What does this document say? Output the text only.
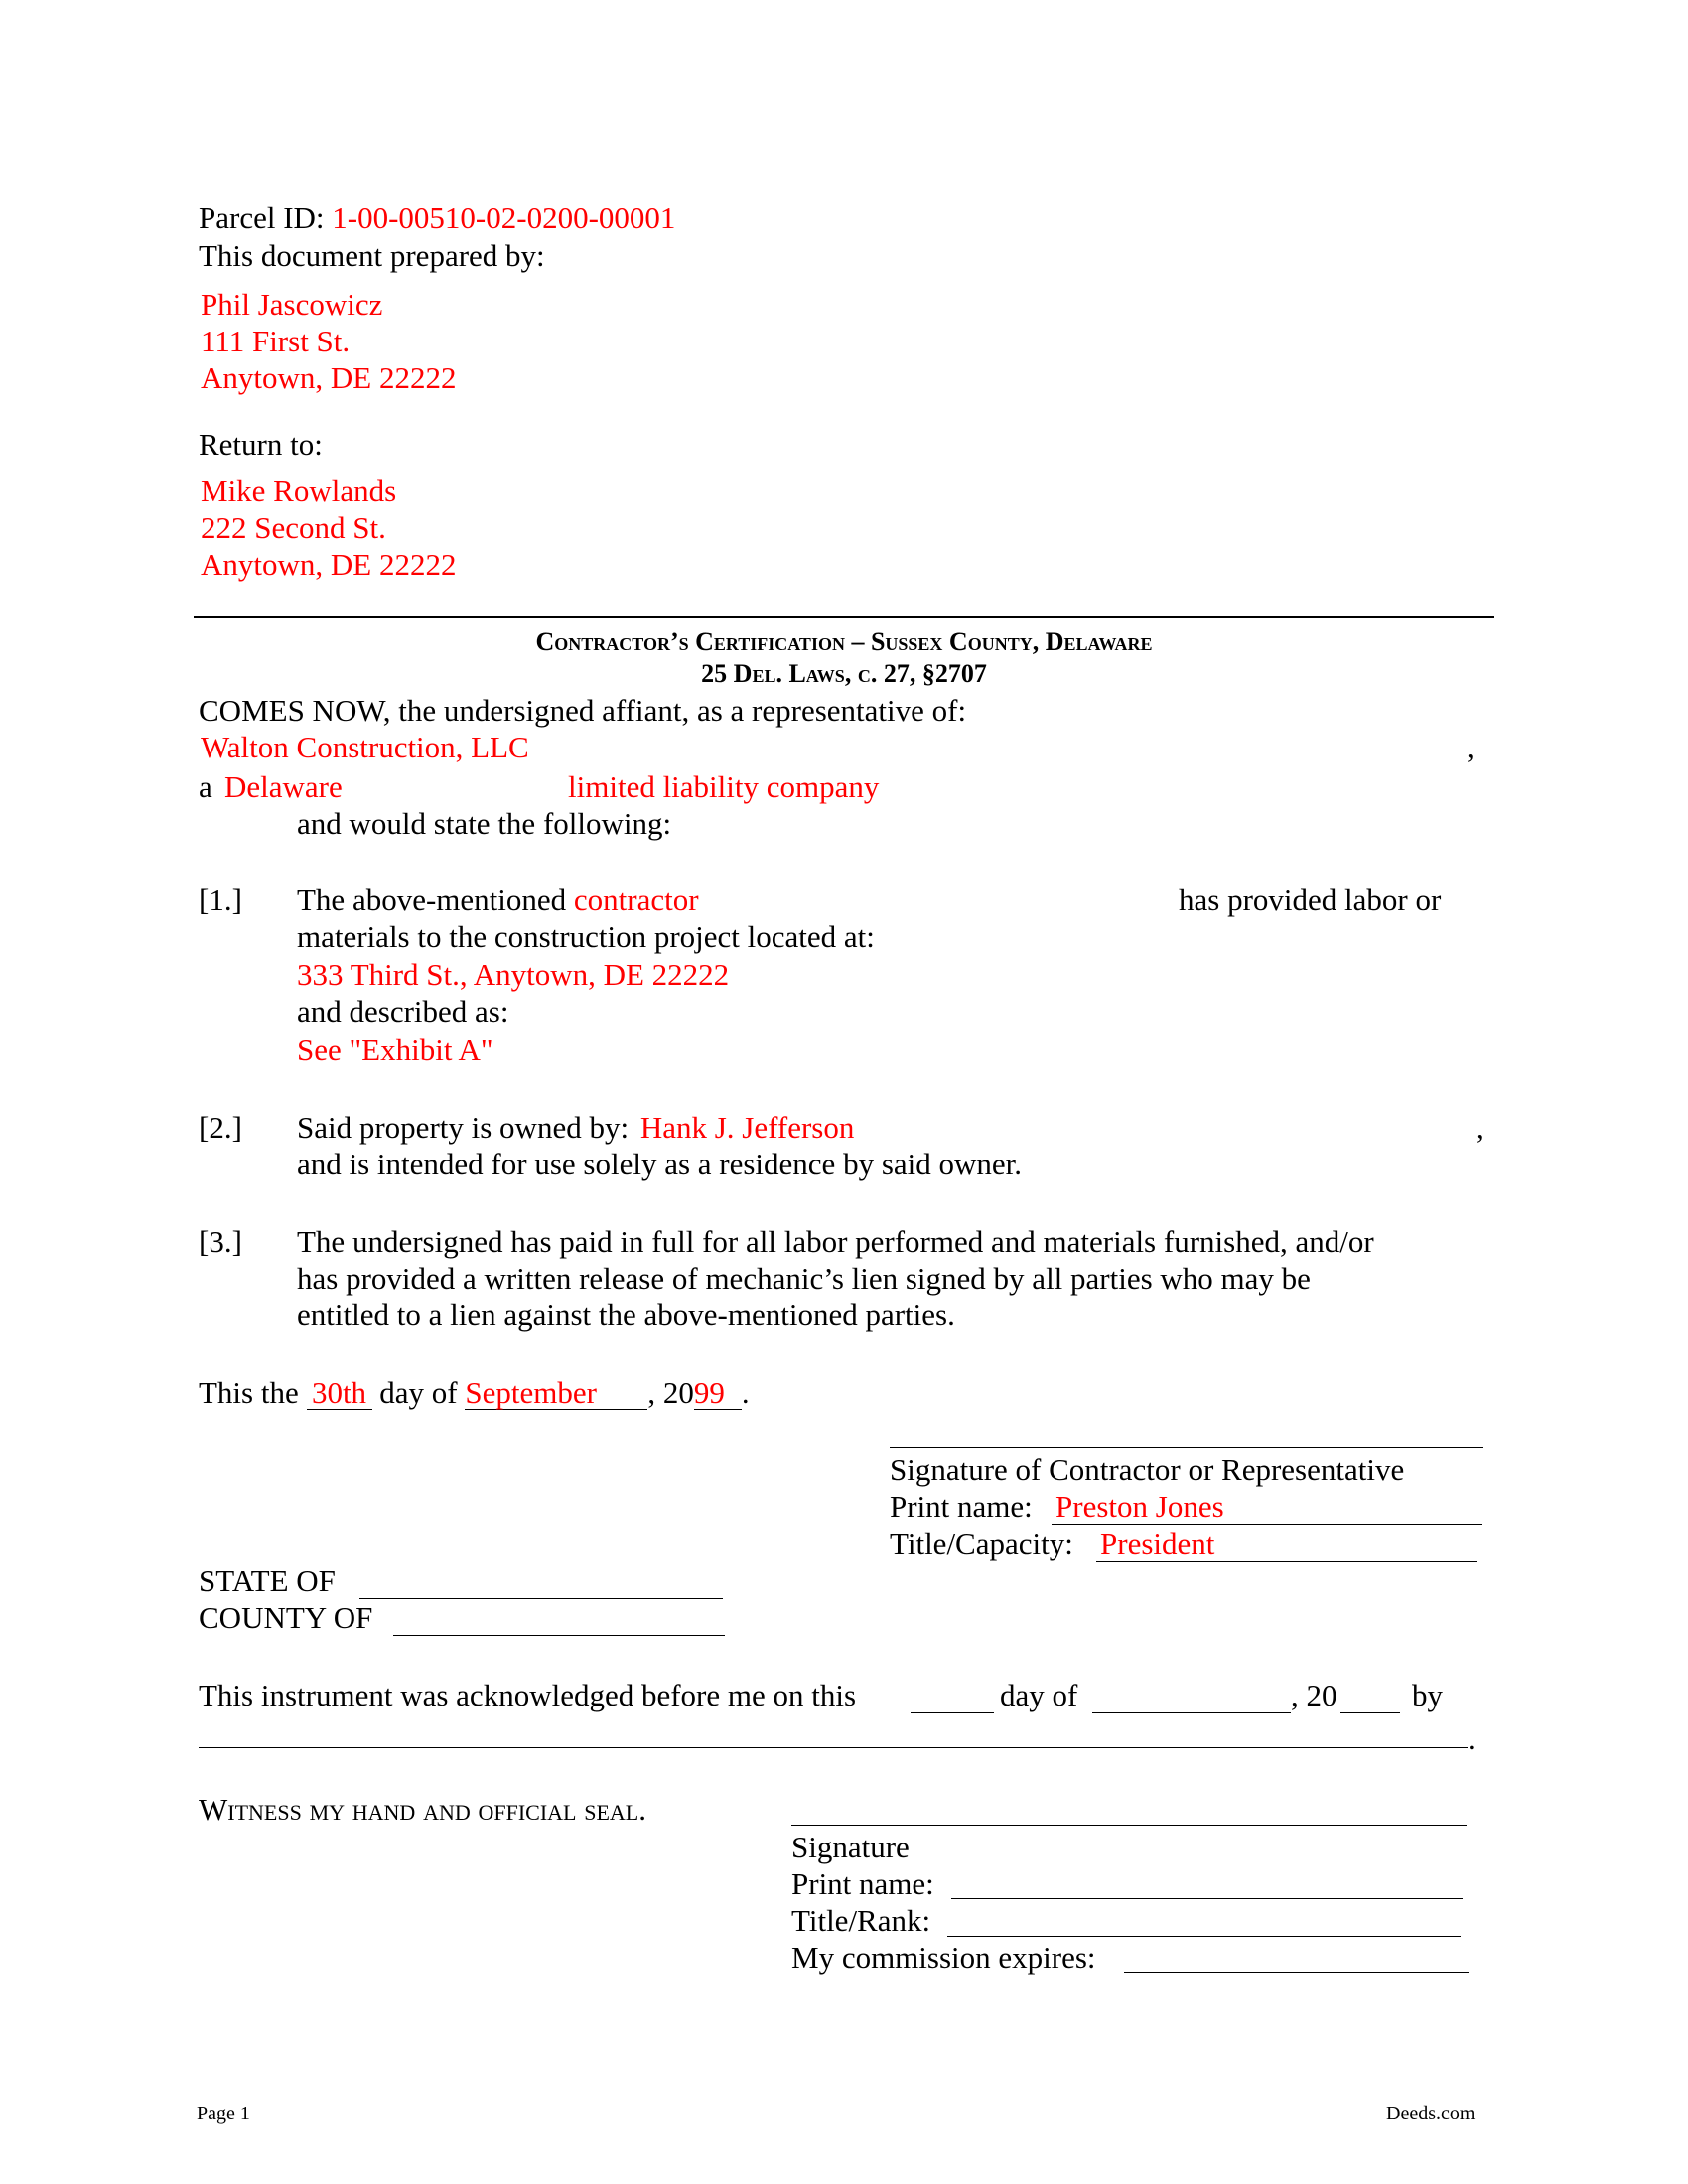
Parcel ID: 1-00-00510-02-0200-00001
This document prepared by:
Phil Jascowicz
111 First St.
Anytown, DE 22222
Return to:
Mike Rowlands
222 Second St.
Anytown, DE 22222
Contractor’s Certification – Sussex County, Delaware
25 Del. Laws, c. 27, §2707
COMES NOW, the undersigned affiant, as a representative of:
Walton Construction, LLC	,
a Delaware	limited liability company
and would state the following:
[1.] The above-mentioned contractor	has provided labor or
materials to the construction project located at:
333 Third St., Anytown, DE 22222
and described as:
See "Exhibit A"
[2.] Said property is owned by: Hank J. Jefferson	,
and is intended for use solely as a residence by said owner.
[3.] The undersigned has paid in full for all labor performed and materials furnished, and/or
has provided a written release of mechanic’s lien signed by all parties who may be
entitled to a lien against the above-mentioned parties.
This the 30th day of September , 2099 .
Signature of Contractor or Representative
Print name: Preston Jones
Title/Capacity: President
STATE OF
COUNTY OF
This instrument was acknowledged before me on this	day of	, 20 by
.
Witness my hand and official seal.
Signature
Print name:
Title/Rank:
My commission expires:
Page 1	Deeds.com
